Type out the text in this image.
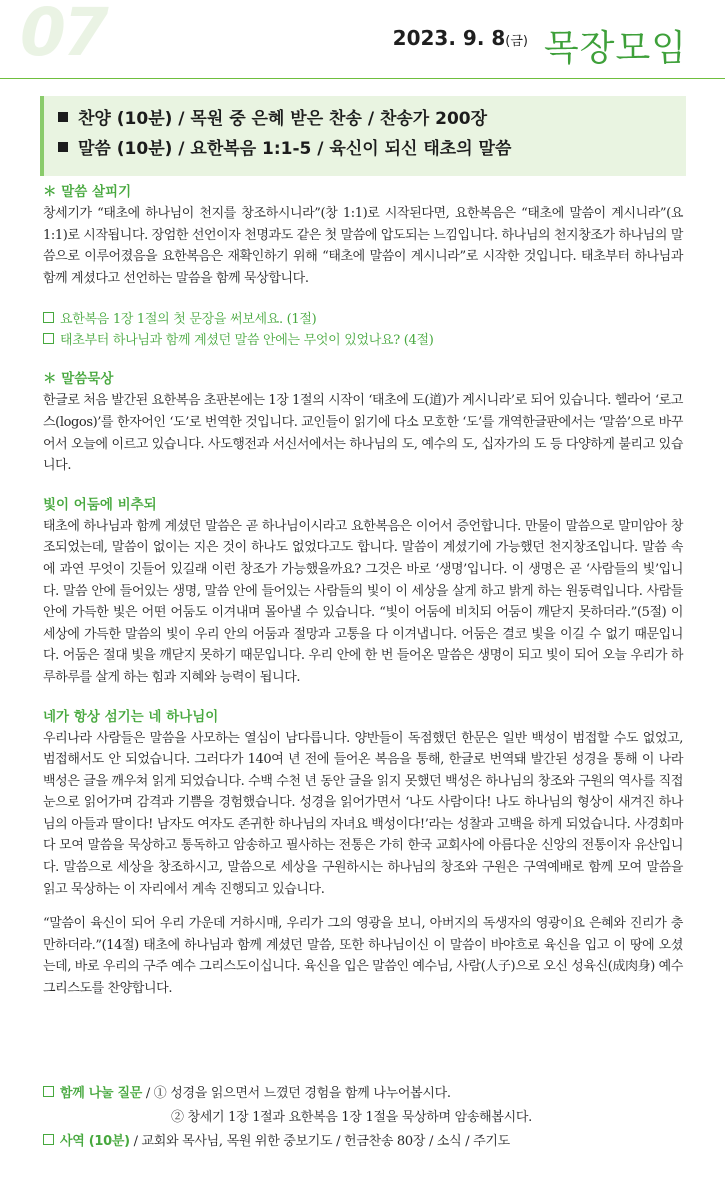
07	2023. 9. 8(금) 목장모임
찬양 (10분) / 목원 중 은혜 받은 찬송 / 찬송가 200장
말씀 (10분) / 요한복음 1:1-5 / 육신이 되신 태초의 말씀

＊ 말씀 살피기

창세기가 “태초에 하나님이 천지를 창조하시니라”(창 1:1)로 시작된다면, 요한복음은 “태초에 말씀이 계시니라”(요 1:1)로 시작됩니다. 장엄한 선언이자 천명과도 같은 첫 말씀에 압도되는 느낌입니다. 하나님의 천지창조가 하나님의 말씀으로 이루어졌음을 요한복음은 재확인하기 위해 “태초에 말씀이 계시니라”로 시작한 것입니다. 태초부터 하나님과 함께 계셨다고 선언하는 말씀을 함께 묵상합니다.

요한복음 1장 1절의 첫 문장을 써보세요. (1절)

태초부터 하나님과 함께 계셨던 말씀 안에는 무엇이 있었나요? (4절)

＊ 말씀묵상

한글로 처음 발간된 요한복음 초판본에는 1장 1절의 시작이 ‘태초에 도(道)가 계시니라’로 되어 있습니다. 헬라어 ‘로고스(logos)’를 한자어인 ‘도’로 번역한 것입니다. 교인들이 읽기에 다소 모호한 ‘도’를 개역한글판에서는 ‘말씀’으로 바꾸어서 오늘에 이르고 있습니다. 사도행전과 서신서에서는 하나님의 도, 예수의 도, 십자가의 도 등 다양하게 불리고 있습니다.

빛이 어둠에 비추되

태초에 하나님과 함께 계셨던 말씀은 곧 하나님이시라고 요한복음은 이어서 증언합니다. 만물이 말씀으로 말미암아 창조되었는데, 말씀이 없이는 지은 것이 하나도 없었다고도 합니다. 말씀이 계셨기에 가능했던 천지창조입니다. 말씀 속에 과연 무엇이 깃들어 있길래 이런 창조가 가능했을까요? 그것은 바로 ‘생명’입니다. 이 생명은 곧 ‘사람들의 빛’입니다. 말씀 안에 들어있는 생명, 말씀 안에 들어있는 사람들의 빛이 이 세상을 살게 하고 밝게 하는 원동력입니다. 사람들 안에 가득한 빛은 어떤 어둠도 이겨내며 몰아낼 수 있습니다. “빛이 어둠에 비치되 어둠이 깨닫지 못하더라.”(5절) 이 세상에 가득한 말씀의 빛이 우리 안의 어둠과 절망과 고통을 다 이겨냅니다. 어둠은 결코 빛을 이길 수 없기 때문입니다. 어둠은 절대 빛을 깨닫지 못하기 때문입니다. 우리 안에 한 번 들어온 말씀은 생명이 되고 빛이 되어 오늘 우리가 하루하루를 살게 하는 힘과 지혜와 능력이 됩니다.

네가 항상 섬기는 네 하나님이

우리나라 사람들은 말씀을 사모하는 열심이 남다릅니다. 양반들이 독점했던 한문은 일반 백성이 범접할 수도 없었고, 범접해서도 안 되었습니다. 그러다가 140여 년 전에 들어온 복음을 통해, 한글로 번역돼 발간된 성경을 통해 이 나라 백성은 글을 깨우쳐 읽게 되었습니다. 수백 수천 년 동안 글을 읽지 못했던 백성은 하나님의 창조와 구원의 역사를 직접 눈으로 읽어가며 감격과 기쁨을 경험했습니다. 성경을 읽어가면서 ‘나도 사람이다! 나도 하나님의 형상이 새겨진 하나님의 아들과 딸이다! 남자도 여자도 존귀한 하나님의 자녀요 백성이다!’라는 성찰과 고백을 하게 되었습니다. 사경회마다 모여 말씀을 묵상하고 통독하고 암송하고 필사하는 전통은 가히 한국 교회사에 아름다운 신앙의 전통이자 유산입니다. 말씀으로 세상을 창조하시고, 말씀으로 세상을 구원하시는 하나님의 창조와 구원은 구역예배로 함께 모여 말씀을 읽고 묵상하는 이 자리에서 계속 진행되고 있습니다.

“말씀이 육신이 되어 우리 가운데 거하시매, 우리가 그의 영광을 보니, 아버지의 독생자의 영광이요 은혜와 진리가 충만하더라.”(14절) 태초에 하나님과 함께 계셨던 말씀, 또한 하나님이신 이 말씀이 바야흐로 육신을 입고 이 땅에 오셨는데, 바로 우리의 구주 예수 그리스도이십니다. 육신을 입은 말씀인 예수님, 사람(人子)으로 오신 성육신(成肉身) 예수 그리스도를 찬양합니다.

함께 나눌 질문 / ① 성경을 읽으면서 느꼈던 경험을 함께 나누어봅시다.
② 창세기 1장 1절과 요한복음 1장 1절을 묵상하며 암송해봅시다.
사역 (10분) / 교회와 목사님, 목원 위한 중보기도 / 헌금찬송 80장 / 소식 / 주기도
